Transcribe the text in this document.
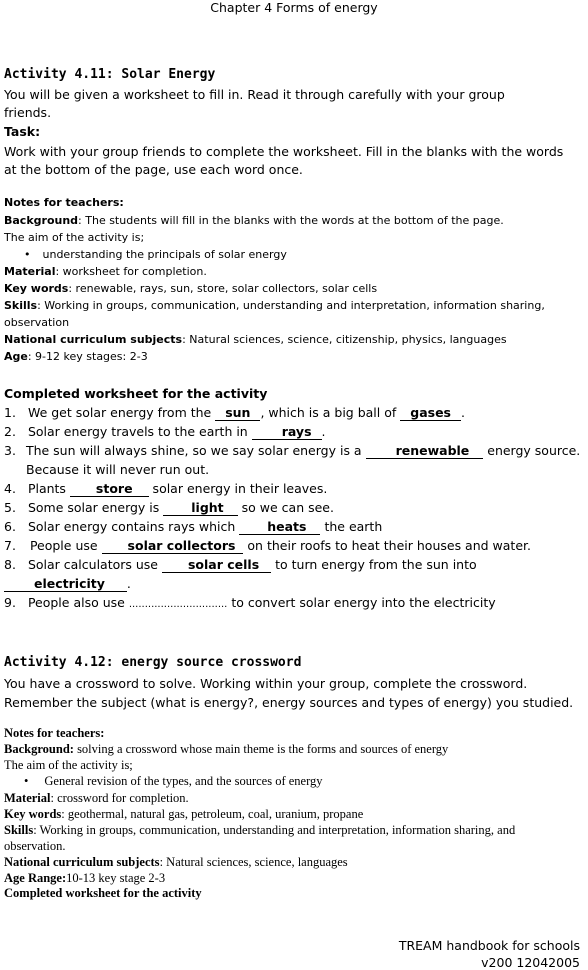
Chapter 4 Forms of energy
Activity 4.11: Solar Energy
You will be given a worksheet to fill in. Read it through carefully with your group
friends.
Task:
Work with your group friends to complete the worksheet. Fill in the blanks with the words
at the bottom of the page, use each word once.
Notes for teachers:
Background: The students will fill in the blanks with the words at the bottom of the page.
The aim of the activity is;
• understanding the principals of solar energy
Material: worksheet for completion.
Key words: renewable, rays, sun, store, solar collectors, solar cells
Skills: Working in groups, communication, understanding and interpretation, information sharing,
observation
National curriculum subjects: Natural sciences, science, citizenship, physics, languages
Age: 9-12 key stages: 2-3
Completed worksheet for the activity
1. We get solar energy from the sun , which is a big ball of gases .
2. Solar energy travels to the earth in rays .
3. The sun will always shine, so we say solar energy is a renewable energy source.
Because it will never run out.
4. Plants store solar energy in their leaves.
5. Some solar energy is light so we can see.
6. Solar energy contains rays which heats the earth
7. People use solar collectors on their roofs to heat their houses and water.
8. Solar calculators use solar cells to turn energy from the sun into
electricity .
9. People also use ............................... to convert solar energy into the electricity
Activity 4.12: energy source crossword
You have a crossword to solve. Working within your group, complete the crossword.
Remember the subject (what is energy?, energy sources and types of energy) you studied.
Notes for teachers:
Background: solving a crossword whose main theme is the forms and sources of energy
The aim of the activity is;
• General revision of the types, and the sources of energy
Material: crossword for completion.
Key words: geothermal, natural gas, petroleum, coal, uranium, propane
Skills: Working in groups, communication, understanding and interpretation, information sharing, and
observation.
National curriculum subjects: Natural sciences, science, languages
Age Range:10-13 key stage 2-3
Completed worksheet for the activity
TREAM handbook for schools
v200 12042005
